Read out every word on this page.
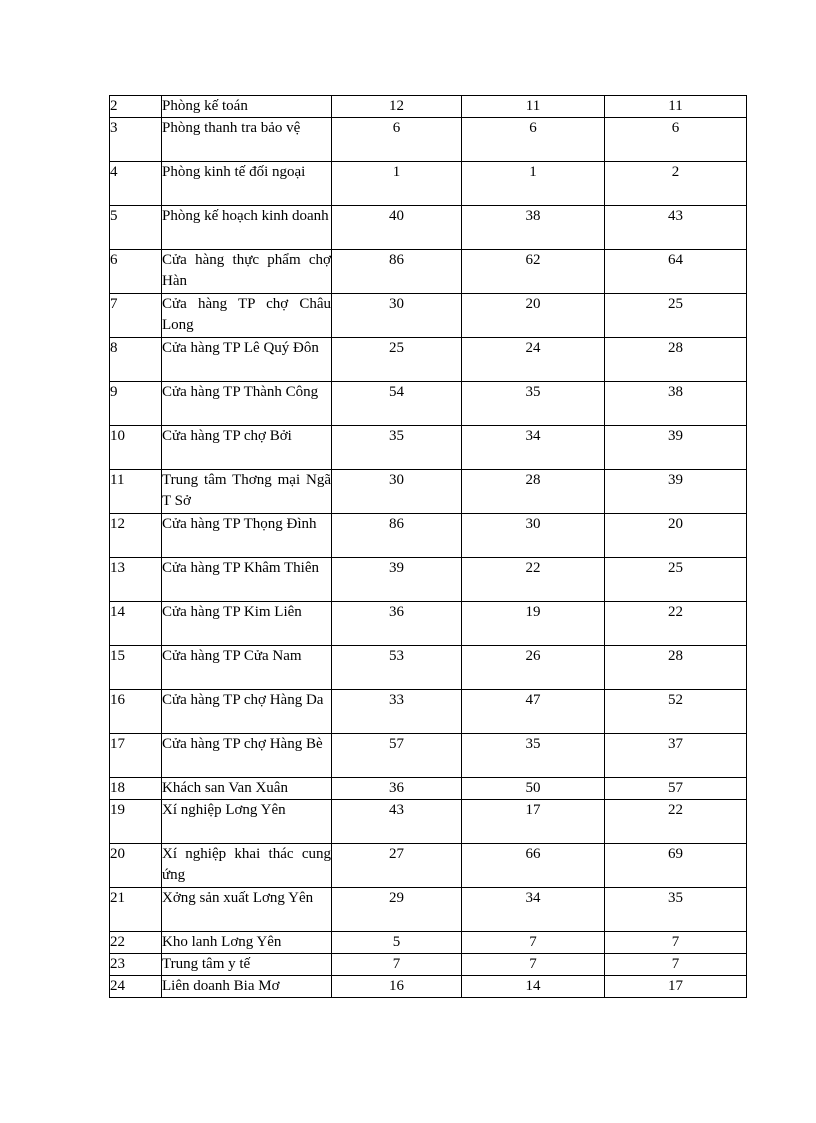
2	Phòng kế toán	12	11	11
3	Phòng thanh tra bảo vệ	6	6	6
4	Phòng kinh tế đối ngoại	1	1	2
5	Phòng kế hoạch kinh doanh	40	38	43
6	Cửa hàng thực phẩm chợ Hàn	86	62	64
7	Cửa hàng TP chợ Châu Long	30	20	25
8	Cửa hàng TP Lê Quý Đôn	25	24	28
9	Cửa hàng TP Thành Công	54	35	38
10	Cửa hàng TP chợ Bởi	35	34	39
11	Trung tâm Thơng mại Ngã T Sở	30	28	39
12	Cửa hàng TP Thọng Đình	86	30	20
13	Cửa hàng TP Khâm Thiên	39	22	25
14	Cửa hàng TP Kim Liên	36	19	22
15	Cửa hàng TP Cửa Nam	53	26	28
16	Cửa hàng TP chợ Hàng Da	33	47	52
17	Cửa hàng TP chợ Hàng Bè	57	35	37
18	Khách san Van Xuân	36	50	57
19	Xí nghiệp Lơng Yên	43	17	22
20	Xí nghiệp khai thác cung ứng	27	66	69
21	Xởng sản xuất Lơng Yên	29	34	35
22	Kho lanh Lơng Yên	5	7	7
23	Trung tâm y tế	7	7	7
24	Liên doanh Bia Mơ	16	14	17
